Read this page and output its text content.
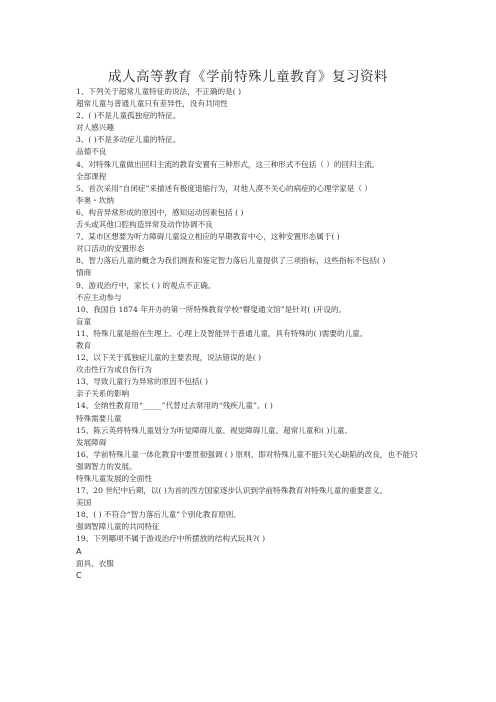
成人高等教育《学前特殊儿童教育》复习资料
1、下列关于超常儿童特征的说法，不正确的是( )
超常儿童与普通儿童只有差异性，没有共同性
2、( )不是儿童孤独症的特征。
对人感兴趣
3、( )不是多动症儿童的特征。
品德不良
4、对特殊儿童做出回归主流的教育安置有三种形式，这三种形式不包括（ ）的回归主流。
全部课程
5、首次采用“自闭症”来描述有极度退缩行为，对他人漠不关心的病症的心理学家是（ ）
李奥・坎纳
6、构音异常形成的原因中，感知运动因素包括 ( )
舌头或其他口腔构造异常及动作协调不良
7、某市区想要为听力障碍儿童设立相应的早期教育中心，这种安置形态属于( )
对口活动的安置形态
8、智力落后儿童的概念为我们测查和鉴定智力落后儿童提供了三项指标，这些指标不包括( )
情商
9、游戏治疗中，家长 ( ) 的观点不正确。
不应主动参与
10、我国自 1874 年开办的第一所特殊教育学校“瞽叟通文馆”是针对( )开设的。
盲童
11、特殊儿童是指在生理上、心理上及智能异于普通儿童，具有特殊的( )需要的儿童。
教育
12、以下关于孤独症儿童的主要表现，说法错误的是( )
攻击性行为或自伤行为
13、导致儿童行为异常的原因不包括( )
亲子关系的影响
14、全纳性教育用“_____”代替过去常用的“残疾儿童”。( )
特殊需要儿童
15、陈云英将特殊儿童划分为听觉障碍儿童、视觉障碍儿童、超常儿童和( )儿童。
发展障碍
16、学前特殊儿童一体化教育中要贯彻强调 ( ) 原则，即对特殊儿童不能只关心缺陷的改良，也不能只强调智力的发展。
特殊儿童发展的全面性
17、20 世纪中后期，以( )为首的西方国家逐步认识到学前特殊教育对特殊儿童的重要意义。
美国
18、( ) 不符合“智力落后儿童”个别化教育原则。
强调智障儿童的共同特征
19、下列哪项不属于游戏治疗中所摆放的结构式玩具?( )
A
面具、衣服
C
